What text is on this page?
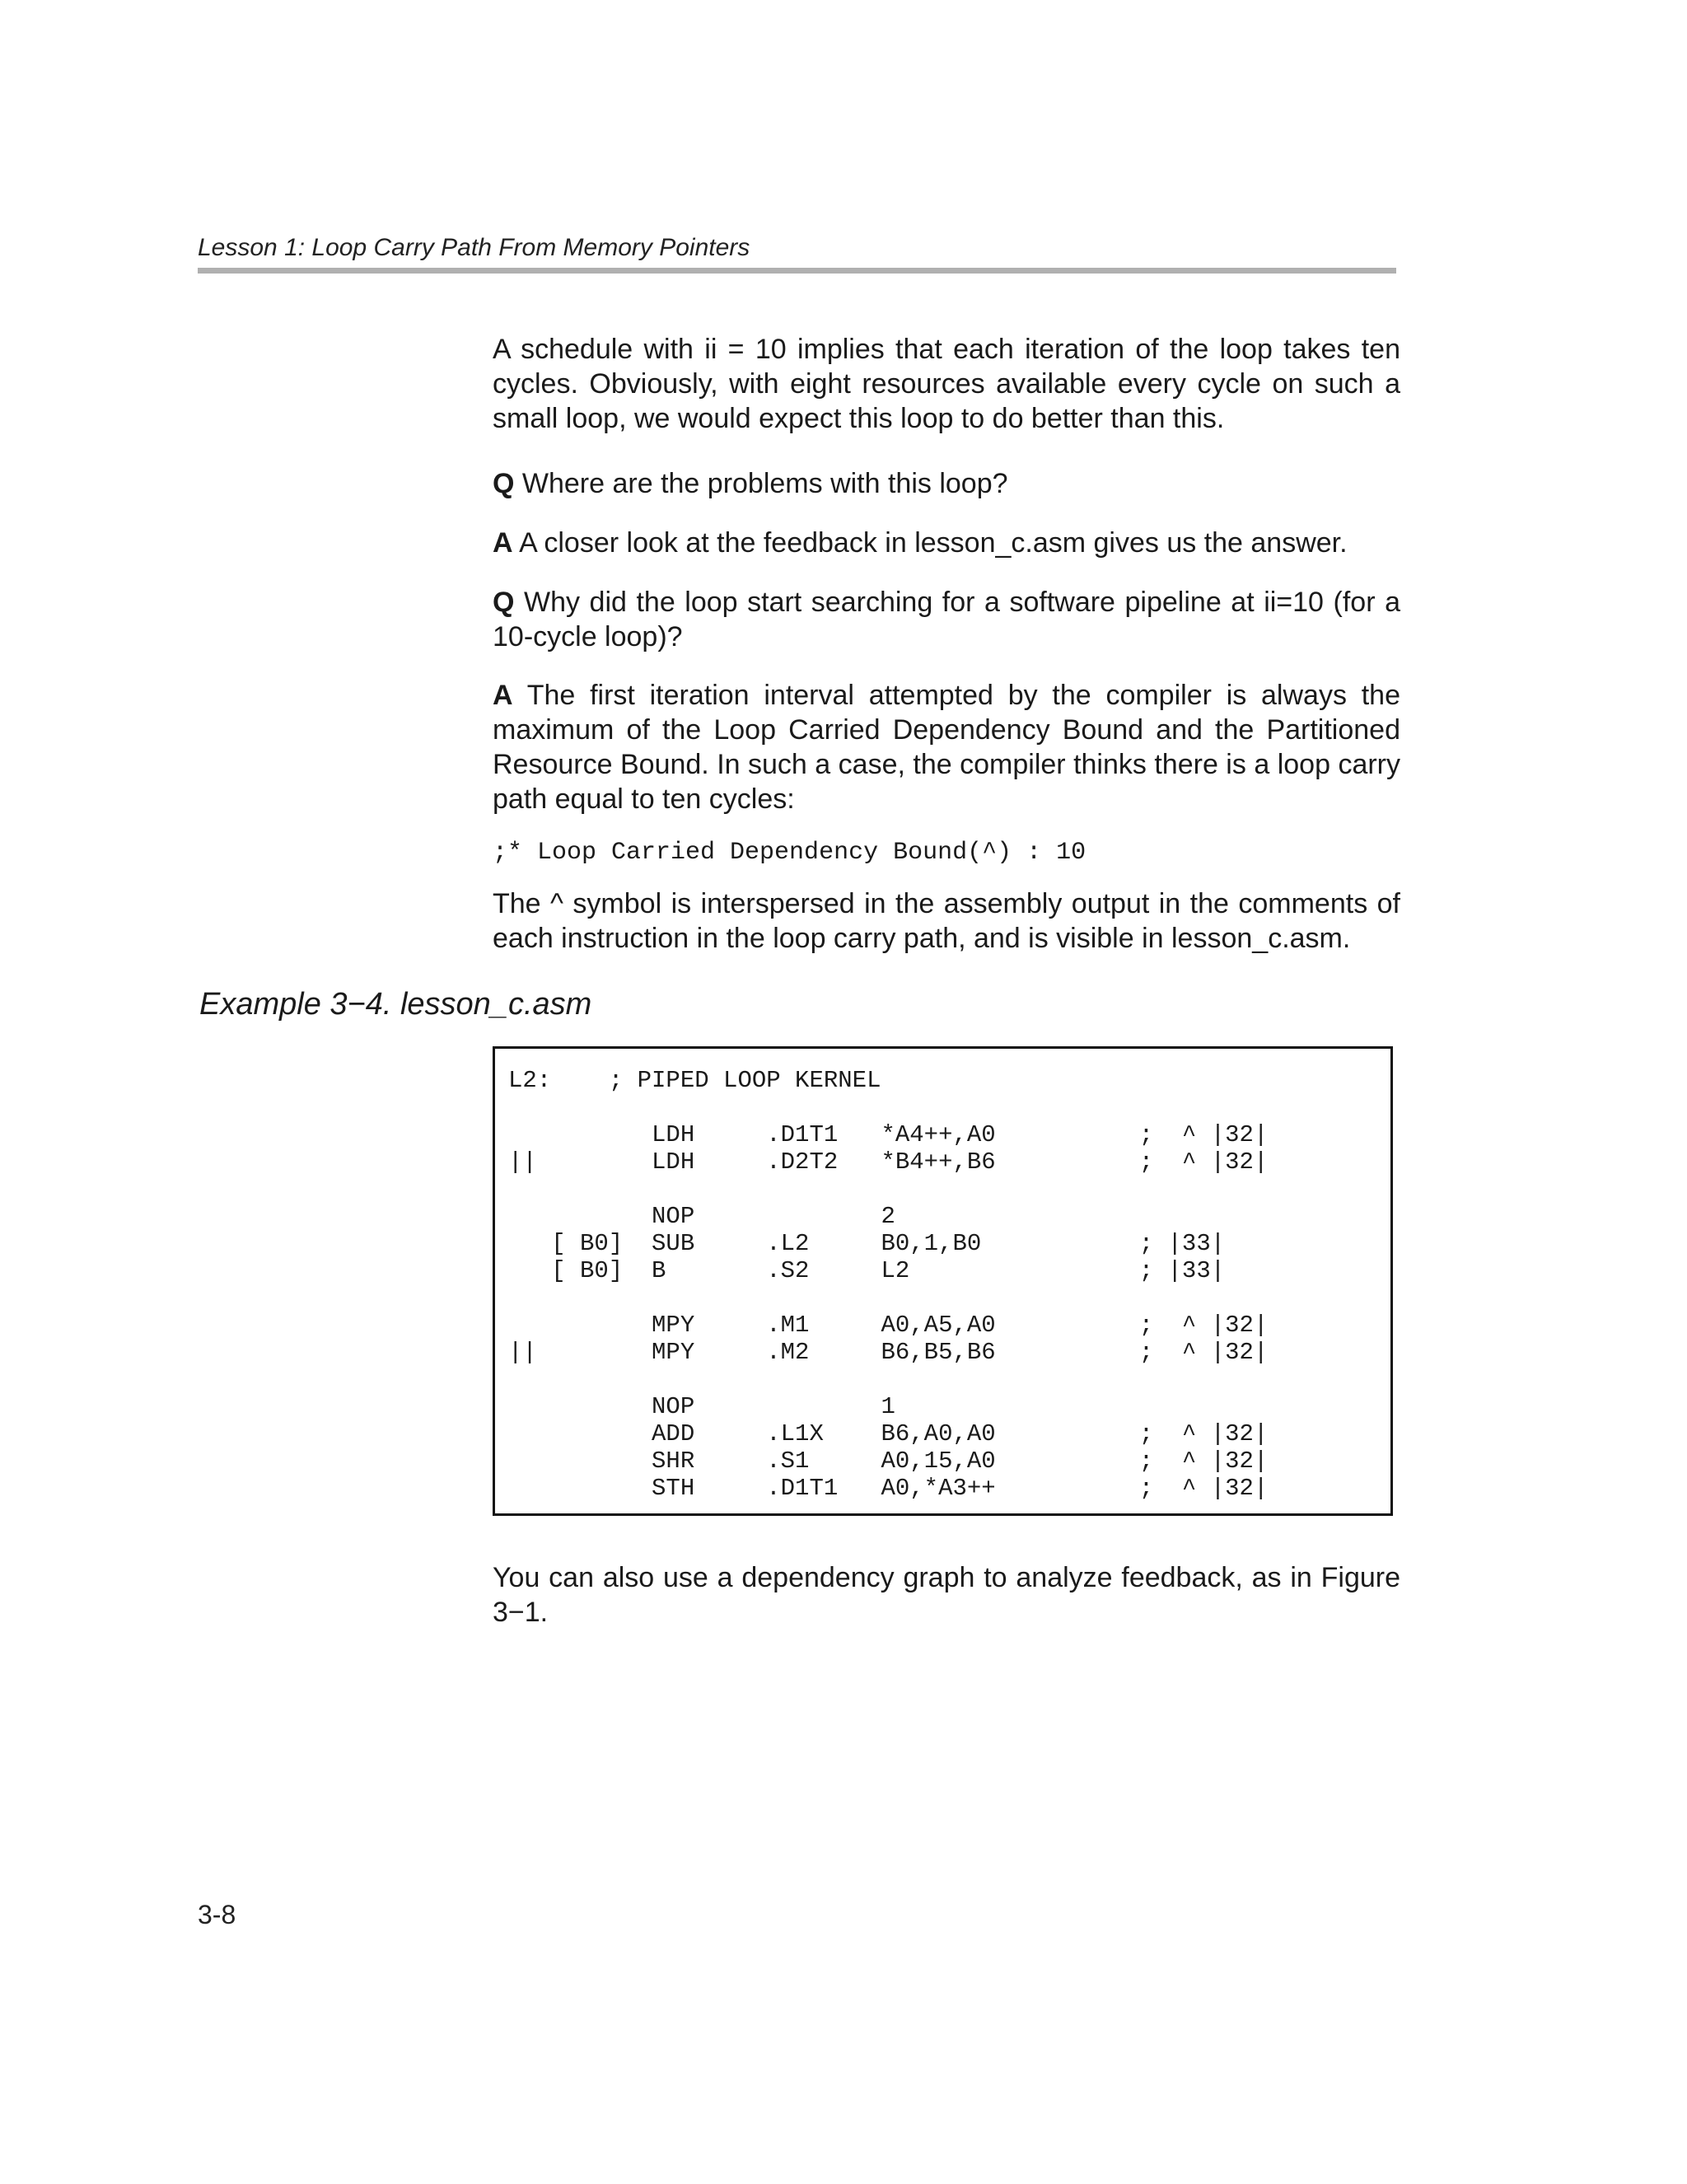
Lesson 1: Loop Carry Path From Memory Pointers
A schedule with ii = 10 implies that each iteration of the loop takes ten cycles. Obviously, with eight resources available every cycle on such a small loop, we would expect this loop to do better than this.
Q Where are the problems with this loop?
A A closer look at the feedback in lesson_c.asm gives us the answer.
Q Why did the loop start searching for a software pipeline at ii=10 (for a 10-cycle loop)?
A The first iteration interval attempted by the compiler is always the maximum of the Loop Carried Dependency Bound and the Partitioned Resource Bound. In such a case, the compiler thinks there is a loop carry path equal to ten cycles:
;* Loop Carried Dependency Bound(^) : 10
The ^ symbol is interspersed in the assembly output in the comments of each instruction in the loop carry path, and is visible in lesson_c.asm.
Example 3−4. lesson_c.asm
L2:    ; PIPED LOOP KERNEL

LDH     .D1T1   *A4++,A0          ;  ^ |32|
||        LDH     .D2T2   *B4++,B6          ;  ^ |32|

NOP             2
[ B0]  SUB     .L2     B0,1,B0           ; |33|
[ B0]  B       .S2     L2                ; |33|

MPY     .M1     A0,A5,A0          ;  ^ |32|
||        MPY     .M2     B6,B5,B6          ;  ^ |32|

NOP             1
ADD     .L1X    B6,A0,A0          ;  ^ |32|
SHR     .S1     A0,15,A0          ;  ^ |32|
STH     .D1T1   A0,*A3++          ;  ^ |32|
You can also use a dependency graph to analyze feedback, as in Figure 3−1.
3-8
